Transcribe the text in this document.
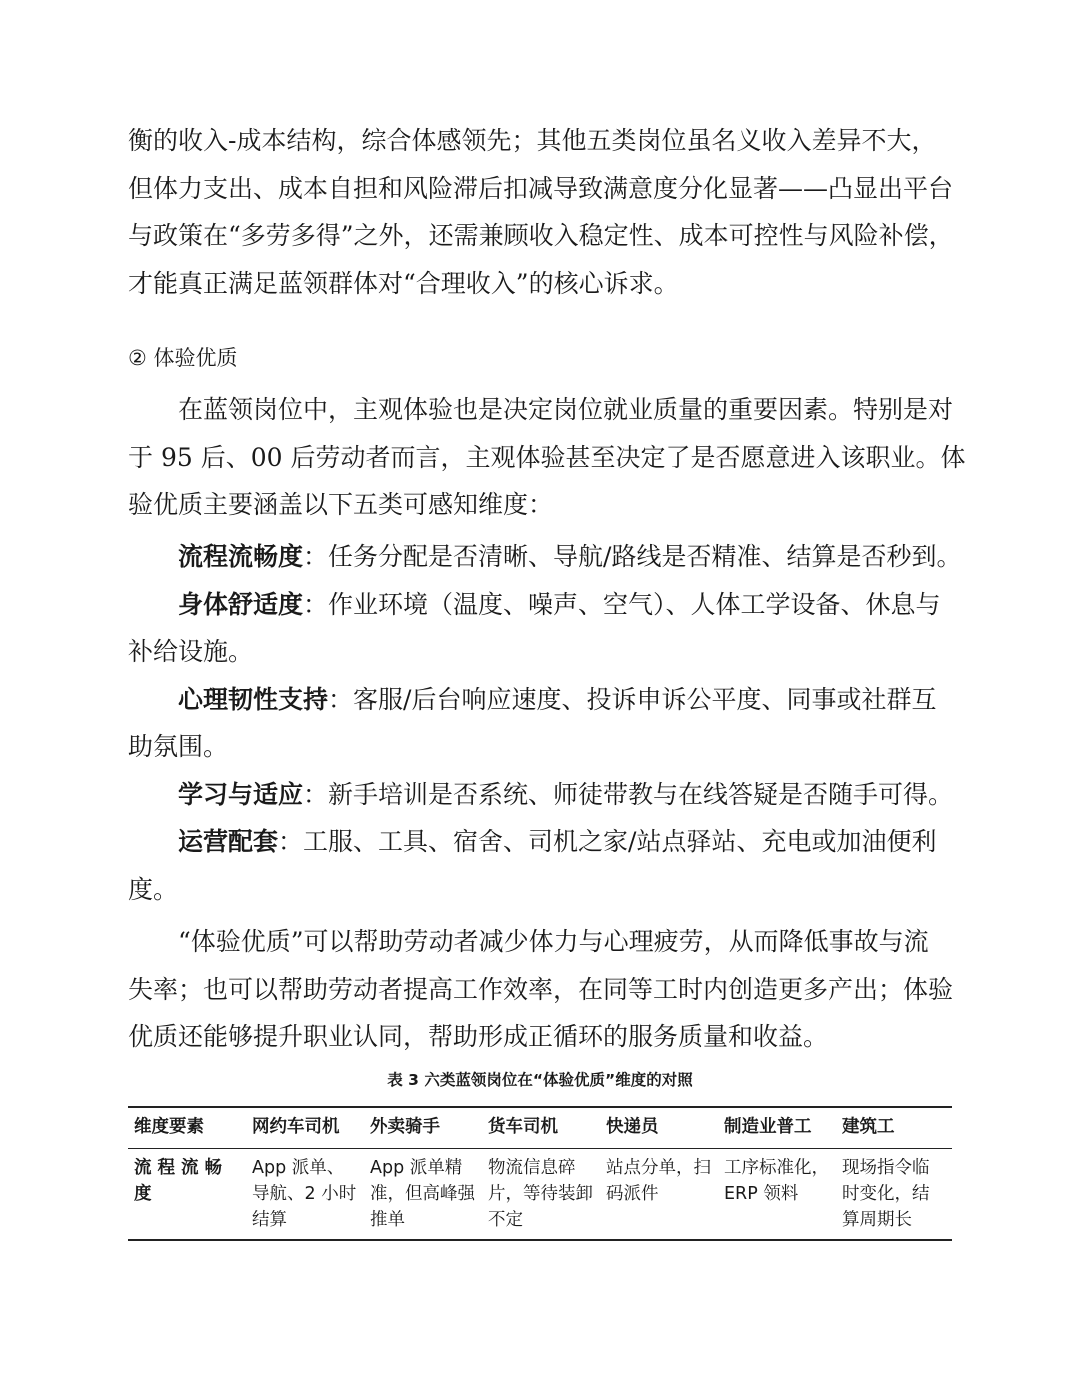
衡的收入-成本结构，综合体感领先；其他五类岗位虽名义收入差异不大，
但体力支出、成本自担和风险滞后扣减导致满意度分化显著——凸显出平台
与政策在“多劳多得”之外，还需兼顾收入稳定性、成本可控性与风险补偿，
才能真正满足蓝领群体对“合理收入”的核心诉求。
② 体验优质
　　在蓝领岗位中，主观体验也是决定岗位就业质量的重要因素。特别是对
于 95 后、00 后劳动者而言，主观体验甚至决定了是否愿意进入该职业。体
验优质主要涵盖以下五类可感知维度：
　　流程流畅度：任务分配是否清晰、导航/路线是否精准、结算是否秒到。
　　身体舒适度：作业环境（温度、噪声、空气）、人体工学设备、休息与
补给设施。
　　心理韧性支持：客服/后台响应速度、投诉申诉公平度、同事或社群互
助氛围。
　　学习与适应：新手培训是否系统、师徒带教与在线答疑是否随手可得。
　　运营配套：工服、工具、宿舍、司机之家/站点驿站、充电或加油便利
度。
　　“体验优质”可以帮助劳动者减少体力与心理疲劳，从而降低事故与流
失率；也可以帮助劳动者提高工作效率，在同等工时内创造更多产出；体验
优质还能够提升职业认同，帮助形成正循环的服务质量和收益。
表 3 六类蓝领岗位在“体验优质”维度的对照
维度要素	网约车司机	外卖骑手	货车司机	快递员	制造业普工	建筑工
流程流畅度	App 派单、导航、2 小时结算	App 派单精准，但高峰强推单	物流信息碎片，等待装卸不定	站点分单，扫码派件	工序标准化，ERP 领料	现场指令临时变化，结算周期长
